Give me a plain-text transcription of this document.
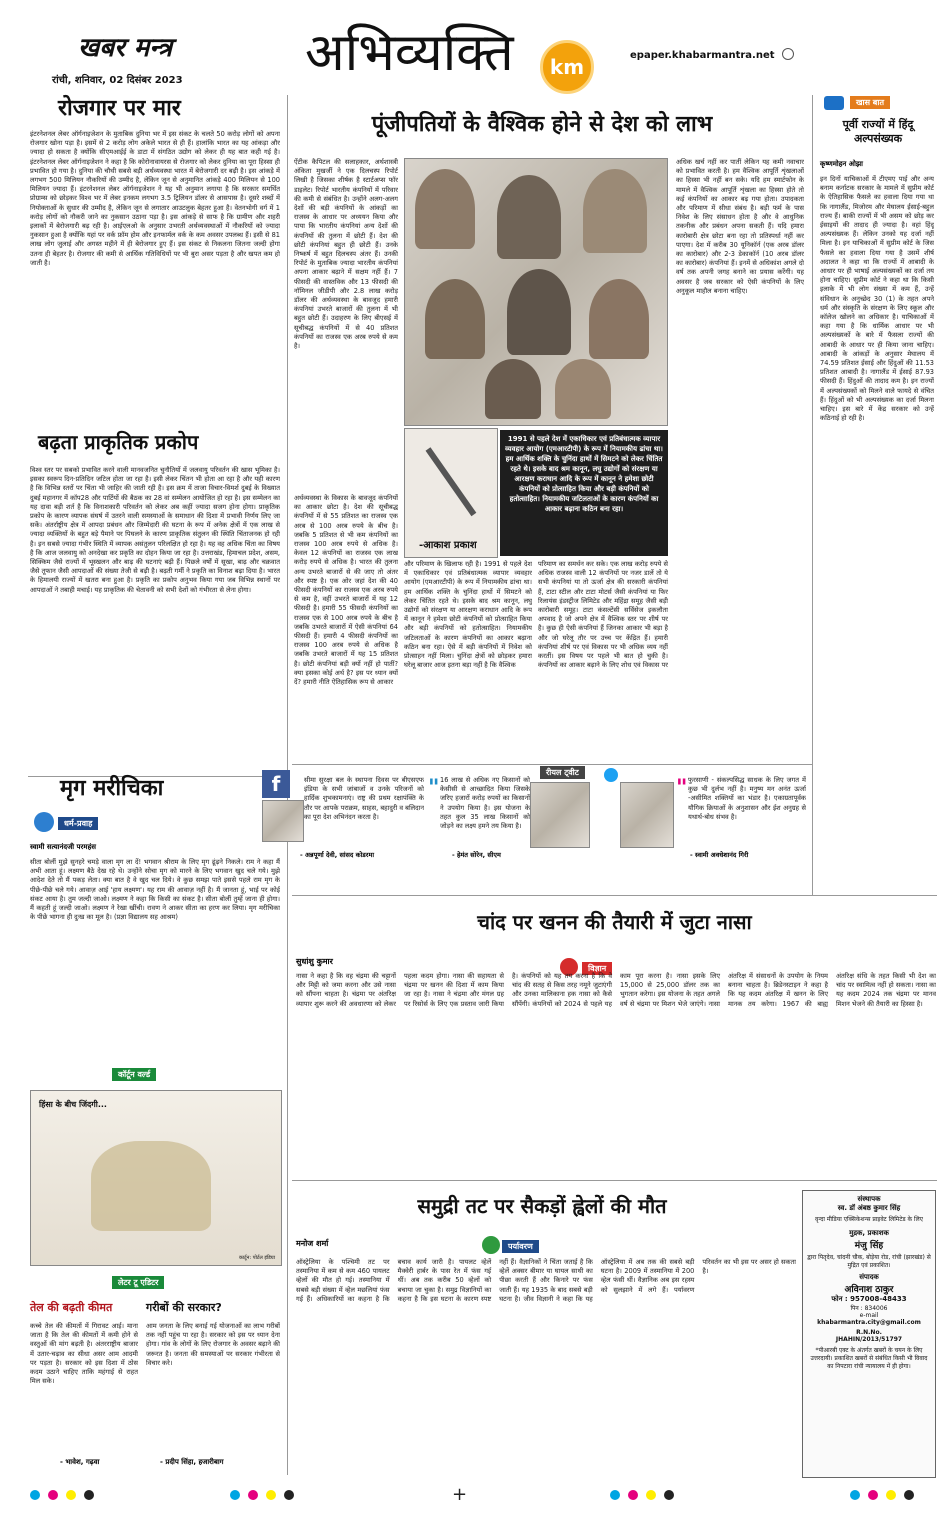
खबर मन्त्र
रांची, शनिवार, 02 दिसंबर 2023 अभिव्यक्ति	km	epaper.khabarmantra.net
रोजगार पर मार
इंटरनेशनल लेबर ऑर्गनाइजेशन के मुताबिक दुनिया भर में इस संकट के चलते 50 करोड़ लोगों को अपना रोजगार खोना पड़ा है। इसमें से 2 करोड़ लोग अकेले भारत से ही हैं। हालांकि भारत का यह आंकड़ा और ज्यादा हो सकता है क्योंकि सीएमआईई के डाटा में संगठित उद्योग को लेकर ही यह बात कही गई है। इंटरनेशनल लेबर ऑर्गनाइजेशन ने कहा है कि कोरोनावायरस से रोजगार को लेकर दुनिया का पूरा हिस्सा ही प्रभावित हो गया है। दुनिया की चौथी सबसे बड़ी अर्थव्यवस्था भारत में बेरोजगारी दर बढ़ी है। इस आंकड़े में लगभग 500 मिलियन नौकरियों की उम्मीद है, लेकिन जून से अनुमानित आंकड़े 400 मिलियन से 100 मिलियन ज्यादा हैं। इंटरनेशनल लेबर ऑर्गनाइजेशन ने यह भी अनुमान लगाया है कि सरकार समर्थित प्रोग्राम्स को छोड़कर विश्व भर में लेबर इनकम लगभग 3.5 ट्रिलियन डॉलर से आसपास है। दूसरे शब्दों में नियोक्ताओं के सुधार की उम्मीद है, लेकिन जून से लगातार आउटलुक बेहतर हुआ है। वेतनभोगी वर्ग में 1 करोड़ लोगों को नौकरी जाने का नुकसान उठाना पड़ा है। इस आंकड़े से साफ है कि ग्रामीण और शहरी इलाकों में बेरोजगारी बढ़ रही है। आईएलओ के अनुसार उभरती अर्थव्यवस्थाओं में नौकरियों को ज्यादा नुकसान हुआ है क्योंकि यहां पर वर्क फ्रॉम होम और इनफार्मल वर्क के कम अवसर उपलब्ध हैं। इसी से 81 लाख लोग जुलाई और अगस्त महीने में ही बेरोजगार हुए हैं। इस संकट से निकलना जितना जल्दी होगा उतना ही बेहतर है। रोजगार की कमी से आर्थिक गतिविधियों पर भी बुरा असर पड़ता है और खपत कम हो जाती है।
बढ़ता प्राकृतिक प्रकोप
विश्व स्तर पर सबको प्रभावित करने वाली मानवजनित चुनौतियों में जलवायु परिवर्तन की खास भूमिका है। इसका स्वरूप दिन-प्रतिदिन जटिल होता जा रहा है। इसी लेकर चिंतन भी होता आ रहा है और यही कारण है कि विभिन्न स्तरों पर चिंता भी जाहिर की जाती रही है। इस क्रम में ताजा विचार-विमर्श दुबई के विख्यात दुबई महानगर में कॉप28 और पार्टियों की बैठक का 28 वां सम्मेलन आयोजित हो रहा है। इस सम्मेलन का यह दावा बड़ी शर्त है कि विनाशकारी परिवर्तन को लेकर अब कहीं ज्यादा सजग होना होगा। प्राकृतिक प्रकोप के कारण व्यापक संघर्ष में उतरने वाली समस्याओं के समाधान की दिशा में प्रभावी निर्णय लिए जा सकें। अंतर्राष्ट्रीय क्षेत्र में आपदा प्रबंधन और जिम्मेदारी की घटना के रूप में अनेक क्षेत्रों में एक लाख से ज्यादा व्यक्तियों के बहुत बड़े पैमाने पर पिघलने के कारण प्राकृतिक संतुलन की स्थिति चिंताजनक हो रही है। इन सबसे ज्यादा गंभीर स्थिति में व्यापक असंतुलन परिलक्षित हो रहा है। यह वह अधिक चिंता का विषय है कि आज जलवायु को अनदेखा कर प्रकृति का दोहन किया जा रहा है। उत्तराखंड, हिमाचल प्रदेश, असम, सिक्किम जैसे राज्यों में भूस्खलन और बाढ़ की घटनाएं बढ़ी हैं। पिछले वर्षों में सूखा, बाढ़ और चक्रवात जैसे तूफान जैसी आपदाओं की संख्या तेजी से बढ़ी है। बढ़ती गर्मी ने प्रकृति का विनाश बढ़ा दिया है। भारत के हिमालयी राज्यों में खतरा बना हुआ है। प्रकृति का प्रकोप अनुभव किया गया जब विभिन्न स्थानों पर आपदाओं ने तबाही मचाई। यह प्राकृतिक की चेतावनी को सभी देशों को गंभीरता से लेना होगा।
मृग मरीचिका
धर्म-प्रवाह
स्वामी सत्यानंदजी परमहंस
सीता बोलीं मुझे सुनहरे चमड़े वाला मृग ला दें! भगवान श्रीराम के लिए मृग ढूंढ़ने निकले। राम ने कहा मैं अभी आता हूं। लक्ष्मण बैठे देख रहे थे। उन्होंने सोचा मृग को मारने के लिए भगवान खुद चले गये। मुझे आदेश देते तो मैं पकड़ लेता। क्या बात है वे खुद चल दिये। वे कुछ समझ पाते इससे पहले राम मृग के पीछे-पीछे चले गये। आवाज़ आई 'हाय लक्ष्मण'। यह राम की आवाज़ नहीं है। मैं जानता हूं, भाई पर कोई संकट आया है। तुम जल्दी जाओ। लक्ष्मण ने कहा कि किसी का संकट है। सीता बोलीं तुम्हें जाना ही होगा। मैं कहती हूं जल्दी जाओ। लक्ष्मण ने रेखा खींची। रावण ने आकर सीता का हरण कर लिया। मृग मरीचिका के पीछे भागना ही दुःख का मूल है। (प्रज्ञा विद्यालय सह आश्रम)
कॉर्टून वर्ल्ड
हिंसा के बीच जिंदगी...
कार्टून: पोर्टल इंडिया
लेटर टू एडिटर
तेल की बढ़ती कीमत
कच्चे तेल की कीमतों में गिरावट आई। माना जाता है कि तेल की कीमतों में कमी होने से वस्तुओं की मांग बढ़ती है। अंतरराष्ट्रीय बाजार में उतार-चढ़ाव का सीधा असर आम आदमी पर पड़ता है। सरकार को इस दिशा में ठोस कदम उठाने चाहिए ताकि महंगाई से राहत मिल सके।
- भावेश, गढ़वा
गरीबों की सरकार?
आम जनता के लिए बनाई गई योजनाओं का लाभ गरीबों तक नहीं पहुंच पा रहा है। सरकार को इस पर ध्यान देना होगा। गांव के लोगों के लिए रोजगार के अवसर बढ़ाने की जरूरत है। जनता की समस्याओं पर सरकार गंभीरता से विचार करे।
- प्रदीप सिंहा, हजारीबाग
पूंजीपतियों के वैश्विक होने से देश को लाभ
ऐंटीक कैपिटल की सलाहकार, अर्थशास्त्री अंकिता मुखर्जी ने एक दिलचस्प रिपोर्ट लिखी है जिसका शीर्षक है स्टार्टअप्स फॉर डाइलेट। रिपोर्ट भारतीय कंपनियों में परिवार की कमी से संबंधित है। उन्होंने अलग-अलग देशों की बड़ी कंपनियों के आंकड़ों का राजस्व के आधार पर अध्ययन किया और पाया कि भारतीय कंपनियां अन्य देशों की कंपनियों की तुलना में छोटी हैं। देश की छोटी कंपनियां बहुत ही छोटी हैं। उनके निष्कर्ष में बहुत दिलचस्प अंतर हैं। उनकी रिपोर्ट के मुताबिक ज्यादा भारतीय कंपनियां अपना आकार बढ़ाने में सक्षम नहीं हैं। 7 फीसदी की वास्तविक और 13 फीसदी की नॉमिनल जीडीपी और 2.8 लाख करोड़ डॉलर की अर्थव्यवस्था के बावजूद हमारी कंपनियां उभरते बाजारों की तुलना में भी बहुत छोटी हैं। उदाहरण के लिए बीएसई में सूचीबद्ध कंपनियों में से 40 प्रतिशत कंपनियों का राजस्व एक अरब रुपये से कम है।
-आकाश प्रकाश
1991 से पहले देश में एकाधिकार एवं प्रतिबंधात्मक व्यापार व्यवहार आयोग (एमआरटीपी) के रूप में नियामकीय ढांचा था। हम आर्थिक शक्ति के चुनिंदा हाथों में सिमटने को लेकर चिंतित रहते थे। इसके बाद श्रम कानून, लघु उद्योगों को संरक्षण या आरक्षण कराधान आदि के रूप में कानून ने हमेशा छोटी कंपनियों को प्रोत्साहित किया और बड़ी कंपनियों को हतोत्साहित। नियामकीय जटिलताओं के कारण कंपनियों का आकार बढ़ाना कठिन बना रहा।
अर्थव्यवस्था के विकास के बावजूद कंपनियों का आकार छोटा है। देश की सूचीबद्ध कंपनियों में से 55 प्रतिशत का राजस्व एक अरब से 100 अरब रुपये के बीच है। जबकि 5 प्रतिशत से भी कम कंपनियों का राजस्व 100 अरब रुपये से अधिक है। केवल 12 कंपनियों का राजस्व एक लाख करोड़ रुपये से अधिक है। भारत की तुलना अन्य उभरते बाजारों से की जाए तो अंतर और स्पष्ट है। एक ओर जहां देश की 40 फीसदी कंपनियों का राजस्व एक अरब रुपये से कम है, वहीं उभरते बाजारों में यह 12 फीसदी है। हमारी 55 फीसदी कंपनियों का राजस्व एक से 100 अरब रुपये के बीच है जबकि उभरते बाजारों में ऐसी कंपनियां 64 फीसदी हैं। हमारी 4 फीसदी कंपनियों का राजस्व 100 अरब रुपये से अधिक है जबकि उभरते बाजारों में यह 15 प्रतिशत है। छोटी कंपनियां बड़ी क्यों नहीं हो पातीं? क्या इसका कोई अर्थ है? इस पर ध्यान क्यों दें? हमारी नीति ऐतिहासिक रूप से आकार
और परिमाण के खिलाफ रही है। 1991 से पहले देश में एकाधिकार एवं प्रतिबंधात्मक व्यापार व्यवहार आयोग (एमआरटीपी) के रूप में नियामकीय ढांचा था। हम आर्थिक शक्ति के चुनिंदा हाथों में सिमटने को लेकर चिंतित रहते थे। इसके बाद श्रम कानून, लघु उद्योगों को संरक्षण या आरक्षण कराधान आदि के रूप में कानून ने हमेशा छोटी कंपनियों को प्रोत्साहित किया और बड़ी कंपनियों को हतोत्साहित। नियामकीय जटिलताओं के कारण कंपनियों का आकार बढ़ाना कठिन बना रहा। ऐसे में बड़ी कंपनियों में निवेश को प्रोत्साहन नहीं मिला। चुनिंदा क्षेत्रों को छोड़कर हमारा घरेलू बाजार आज इतना बड़ा नहीं है कि वैश्विक
परिमाण का समर्थन कर सके। एक लाख करोड़ रुपये से अधिक राजस्व वाली 12 कंपनियों पर नजर डालें तो ये सभी कंपनियां या तो ऊर्जा क्षेत्र की सरकारी कंपनियां हैं, टाटा स्टील और टाटा मोटर्स जैसी कंपनियां या फिर रिलायंस इंडस्ट्रीज लिमिटेड और महिंद्रा समूह जैसी बड़ी कारोबारी समूह। टाटा कंसल्टेंसी सर्विसेज इकलौता अपवाद है जो अपने क्षेत्र में वैश्विक स्तर पर शीर्ष पर है। कुछ ही ऐसी कंपनियां हैं जिनका आकार भी बड़ा है और जो घरेलू तौर पर उच्च पर केंद्रित हैं। हमारी कंपनियां शीर्ष पर एवं विकास पर भी अधिक व्यय नहीं करतीं। इस विषय पर पहले भी बात हो चुकी है। कंपनियों का आकार बढ़ाने के लिए शोध एवं विकास पर
अधिक खर्च नहीं कर पातीं लेकिन यह कमी नवाचार को प्रभावित करती है। हम वैश्विक आपूर्ति शृंखलाओं का हिस्सा भी नहीं बन सके। यदि हम स्मार्टफोन के मामले में वैश्विक आपूर्ति शृंखला का हिस्सा होते तो कई कंपनियों का आकार बढ़ गया होता। उपादकता और परिमाण में सीधा संबंध है। बड़ी फर्म के पास निवेश के लिए संसाधन होता है और वे आधुनिक तकनीक और प्रबंधन अपना सकती हैं। यदि हमारा कारोबारी क्षेत्र छोटा बना रहा तो प्रतिस्पर्धा नहीं कर पाएगा। देश में करीब 30 यूनिकॉर्न (एक अरब डॉलर का कारोबार) और 2-3 डेकाकॉर्न (10 अरब डॉलर का कारोबार) कंपनियां हैं। इनमें से अधिकांश अगले दो वर्ष तक अपनी जगह बनाने का प्रयास करेंगी। यह अवसर है जब सरकार को ऐसी कंपनियों के लिए अनुकूल माहौल बनाना चाहिए।
खास बात
पूर्वी राज्यों में हिंदू अल्पसंख्यक
कृष्णमोहन ओझा
इन दिनों याचिकाओं में टीएमए पाई और अन्य बनाम कर्नाटक सरकार के मामले में सुप्रीम कोर्ट के ऐतिहासिक फैसले का हवाला दिया गया था कि नागालैंड, मिजोरम और मेघालय ईसाई-बहुल राज्य हैं। बाकी राज्यों में भी असम को छोड़ कर ईसाइयों की तादाद ही ज्यादा है। वहां हिंदू अल्पसंख्यक हैं। लेकिन उनको यह दर्जा नहीं मिला है। इन याचिकाओं में सुप्रीम कोर्ट के जिस फैसले का हवाला दिया गया है उसमें शीर्ष अदालत ने कहा था कि राज्यों में आबादी के आधार पर ही भाषाई अल्पसंख्यकों का दर्जा तय होना चाहिए। सुप्रीम कोर्ट ने कहा था कि किसी इलाके में भी लोग संख्या में कम हैं, उन्हें संविधान के अनुच्छेद 30 (1) के तहत अपने धर्म और संस्कृति के संरक्षण के लिए स्कूल और कॉलेज खोलने का अधिकार है। याचिकाओं में कहा गया है कि धार्मिक आधार पर भी अल्पसंख्यकों के बारे में फैसला राज्यों की आबादी के आधार पर ही किया जाना चाहिए। आबादी के आंकड़ों के अनुसार मेघालय में 74.59 प्रतिशत ईसाई और हिंदुओं की 11.53 प्रतिशत आबादी है। नागालैंड में ईसाई 87.93 फीसदी हैं। हिंदुओं की तादाद कम है। इन राज्यों में अल्पसंख्यकों को मिलने वाले फायदे से वंचित हैं। हिंदुओं को भी अल्पसंख्यक का दर्जा मिलना चाहिए। इस बारे में केंद्र सरकार को उन्हें कठिनाई हो रही है।
रीयल ट्वीट
f	सीमा सुरक्षा बल के स्थापना दिवस पर बीएसएफ इंडिया के सभी जांबाजों व उनके परिजनों को हार्दिक शुभकामनाएं। राष्ट्र की प्रथम रक्षापंक्ति के तौर पर आपके पराक्रम, साहस, बहादुरी व बलिदान का पूरा देश अभिनंदन करता है।
- अन्नपूर्णा देवी, सांसद कोडरमा
" 16 लाख से अधिक नए किसानों को केसीसी से आच्छादित किया जिसके जरिए हजारों करोड़ रुपयों का किसानों ने उपयोग किया है। इस योजना के तहत कुल 35 लाख किसानों को जोड़ने का लक्ष्य हमने तय किया है।
- हेमंत सोरेन, सीएम
" फुरसाणी - संकल्पसिद्ध साधक के लिए जगत में कुछ भी दुर्लभ नहीं है। मनुष्य मन अनंत ऊर्जा -असीमित शक्तियों का भंडार है। एकाग्रतापूर्वक यौगिक क्रियाओं के अनुशासन और ईश अनुग्रह से यथार्थ-बोध संभव है।
- स्वामी अवधेशानंद गिरी
चांद पर खनन की तैयारी में जुटा नासा
सुधांशु कुमार
विज्ञान
नासा ने कहा है कि वह चंद्रमा की चट्टानों और मिट्टी को जमा करना और उसे नासा को सौंपना चाहता है। चंद्रमा पर अंतरिक्ष व्यापार शुरू करने की अवधारणा को लेकर पहला कदम होगा। नासा की सहायता से चंद्रमा पर खनन की दिशा में काम किया जा रहा है। नासा ने चंद्रमा और मंगल ग्रह पर रिसोर्स के लिए एक प्रस्ताव जारी किया है। कंपनियों को यह तय करना है कि वे चांद की सतह से किस तरह नमूने जुटाएंगी और उनका मालिकाना हक नासा को कैसे सौंपेंगी। कंपनियों को 2024 से पहले यह काम पूरा करना है। नासा इसके लिए 15,000 से 25,000 डॉलर तक का भुगतान करेगा। इस योजना के तहत अगले वर्ष से चंद्रमा पर मिशन भेजे जाएंगे। नासा अंतरिक्ष में संसाधनों के उपयोग के नियम बनाना चाहता है। ब्रिडेनस्टाइन ने कहा है कि यह कदम अंतरिक्ष में खनन के लिए मानक तय करेगा। 1967 की बाह्य अंतरिक्ष संधि के तहत किसी भी देश का चांद पर स्वामित्व नहीं हो सकता। नासा का यह कदम 2024 तक चंद्रमा पर मानव मिशन भेजने की तैयारी का हिस्सा है।
समुद्री तट पर सैकड़ों ह्वेलों की मौत
मनोज शर्मा	पर्यावरण
ऑस्ट्रेलिया के पश्चिमी तट पर तस्मानिया में कम से कम 460 पायलट व्हेलों की मौत हो गई। तस्मानिया में सबसे बड़ी संख्या में व्हेल मछलियां फंस गई हैं। अधिकारियों का कहना है कि बचाव कार्य जारी है। पायलट व्हेलें मैक्वेरी हार्बर के पास रेत में फंस गई थीं। अब तक करीब 50 व्हेलों को बचाया जा चुका है। समुद्र विज्ञानियों का कहना है कि इस घटना के कारण स्पष्ट नहीं हैं। वैज्ञानिकों ने चिंता जताई है कि व्हेलें अक्सर बीमार या घायल साथी का पीछा करती हैं और किनारे पर फंस जाती हैं। यह 1935 के बाद सबसे बड़ी घटना है। जीव विज्ञानी ने कहा कि यह ऑस्ट्रेलिया में अब तक की सबसे बड़ी घटना है। 2009 में तस्मानिया में 200 व्हेल फंसी थीं। वैज्ञानिक अब इस रहस्य को सुलझाने में लगे हैं। पर्यावरण परिवर्तन का भी इस पर असर हो सकता है।
संस्थापक
स्व. डॉ अंबष्ठ कुमार सिंह
वृन्दा मीडिया एक्सिकेशन्स प्राइवेट लिमिटेड के लिए
मुद्रक, प्रकाशक
मंजु सिंह
द्वारा पितृदेव, चांदनी चौक, बोड़ेया रोड, रांची (झारखंड) से मुद्रित एवं प्रकाशित।
संपादक
अविनाश ठाकुर
फोन : 957008-48433
पिन : 834006
e-mail
khabarmantra.city@gmail.com
R.N.No.
JHAHIN/2013/51797
*पीआरबी एक्ट के अंतर्गत खबरों के चयन के लिए उत्तरदायी। प्रकाशित खबरों से संबंधित किसी भी विवाद का निपटारा रांची न्यायालय में ही होगा।
+
